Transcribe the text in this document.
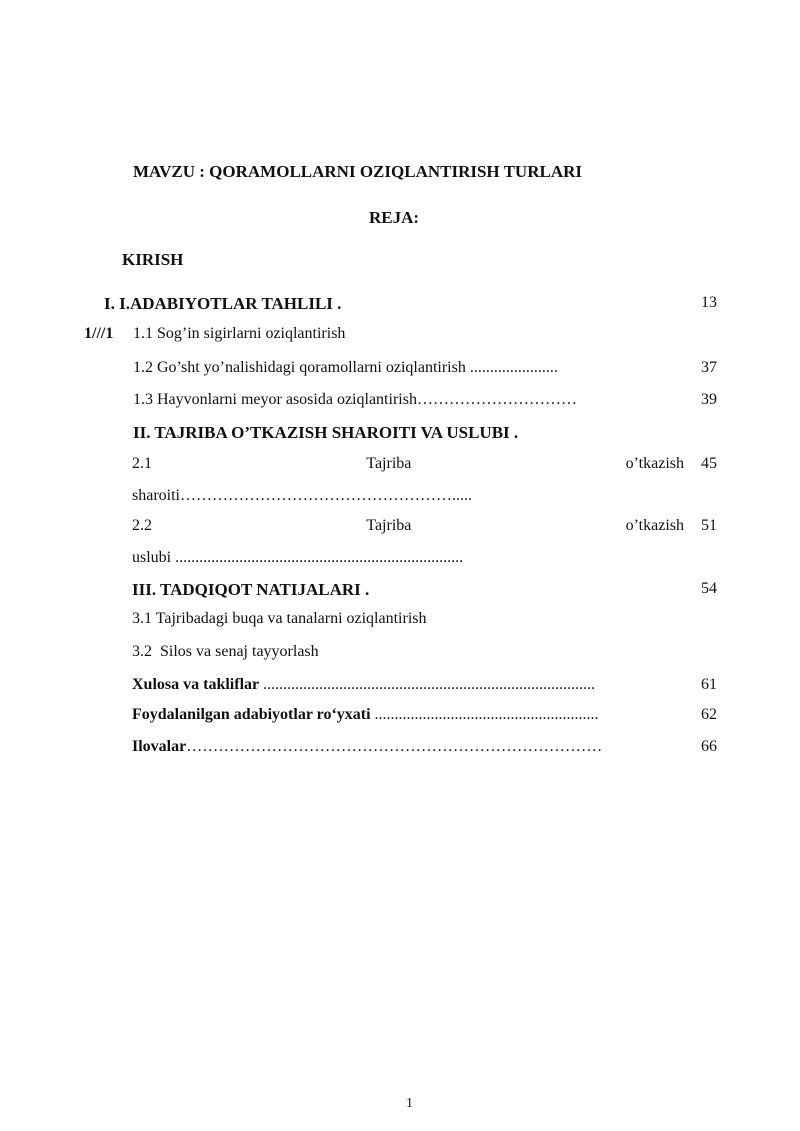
MAVZU : QORAMOLLARNI OZIQLANTIRISH TURLARI
REJA:
KIRISH
I. I.ADABIYOTLAR TAHLILI .	13
1///1 1.1 Sog’in sigirlarni oziqlantirish
1.2 Go’sht yo’nalishidagi qoramollarni oziqlantirish ......................	37
1.3 Hayvonlarni meyor asosida oziqlantirish…………………………	39
II. TAJRIBA O’TKAZISH SHAROITI VA USLUBI .
2.1	Tajriba	o’tkazish 45
sharoiti…………………………………………….....
2.2	Tajriba	o’tkazish 51
uslubi ........................................................................
III. TADQIQOT NATIJALARI .	54
3.1 Tajribadagi buqa va tanalarni oziqlantirish
3.2  Silos va senaj tayyorlash
Xulosa va takliflar ...................................................................................	61
Foydalanilgan adabiyotlar ro‘yxati ........................................................	62
Ilovalar……………………………………………………………………	66
1
